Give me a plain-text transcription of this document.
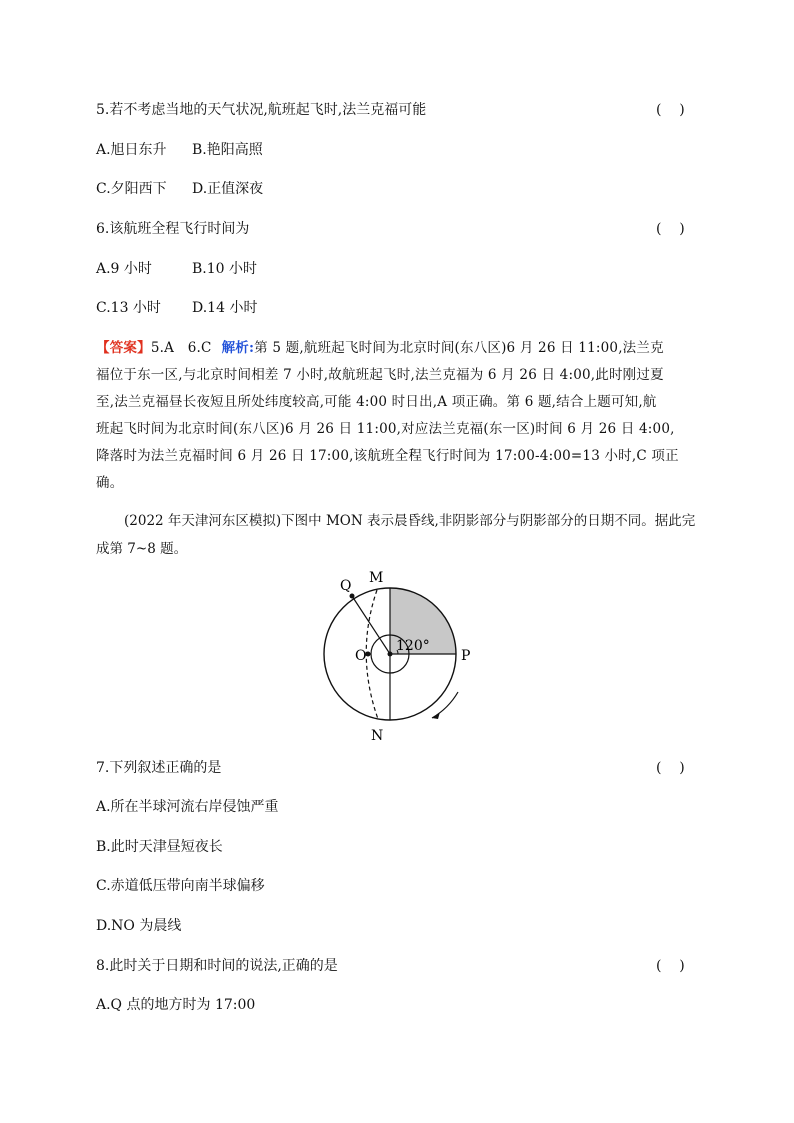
5.若不考虑当地的天气状况,航班起飞时,法兰克福可能	(    )
A.旭日东升 B.艳阳高照
C.夕阳西下 D.正值深夜
6.该航班全程飞行时间为	(    )
A.9 小时	B.10 小时
C.13 小时 D.14 小时
【答案】5.A　6.C 解析:第 5 题,航班起飞时间为北京时间(东八区)6 月 26 日 11:00,法兰克
福位于东一区,与北京时间相差 7 小时,故航班起飞时,法兰克福为 6 月 26 日 4:00,此时刚过夏
至,法兰克福昼长夜短且所处纬度较高,可能 4:00 时日出,A 项正确。第 6 题,结合上题可知,航
班起飞时间为北京时间(东八区)6 月 26 日 11:00,对应法兰克福(东一区)时间 6 月 26 日 4:00,
降落时为法兰克福时间 6 月 26 日 17:00,该航班全程飞行时间为 17:00-4:00=13 小时,C 项正
确。
(2022 年天津河东区模拟)下图中 MON 表示晨昏线,非阴影部分与阴影部分的日期不同。据此完成第 7~8 题。
Q M
O	P
N
120°
7.下列叙述正确的是	(    )
A.所在半球河流右岸侵蚀严重
B.此时天津昼短夜长
C.赤道低压带向南半球偏移
D.NO 为晨线
8.此时关于日期和时间的说法,正确的是	(    )
A.Q 点的地方时为 17:00
